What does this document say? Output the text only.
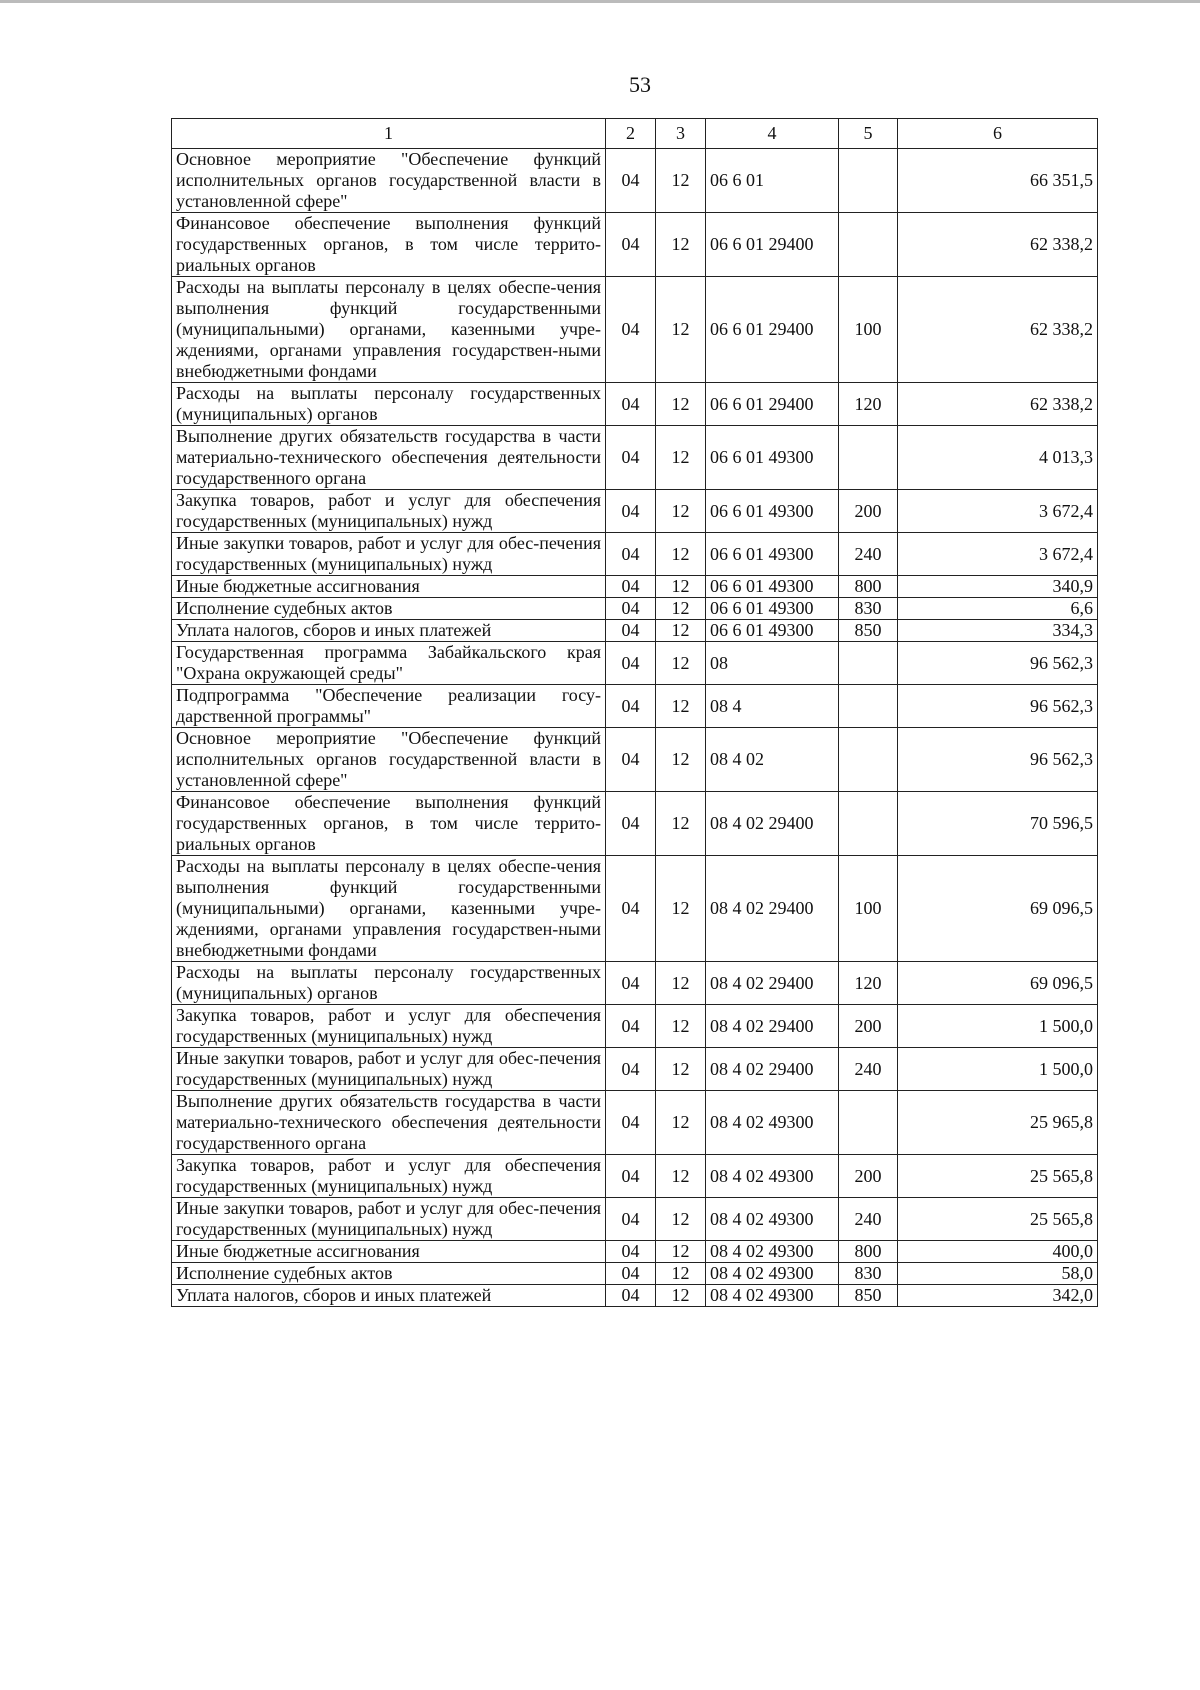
53
1	2	3	4	5	6
Основное мероприятие "Обеспечение функций исполнительных органов государственной власти в установленной сфере"	04	12	06 6 01		66 351,5
Финансовое обеспечение выполнения функций государственных органов, в том числе террито-риальных органов	04	12	06 6 01 29400		62 338,2
Расходы на выплаты персоналу в целях обеспе-чения выполнения функций государственными (муниципальными) органами, казенными учре-ждениями, органами управления государствен-ными внебюджетными фондами	04	12	06 6 01 29400	100	62 338,2
Расходы на выплаты персоналу государственных (муниципальных) органов	04	12	06 6 01 29400	120	62 338,2
Выполнение других обязательств государства в части материально-технического обеспечения деятельности государственного органа	04	12	06 6 01 49300		4 013,3
Закупка товаров, работ и услуг для обеспечения государственных (муниципальных) нужд	04	12	06 6 01 49300	200	3 672,4
Иные закупки товаров, работ и услуг для обес-печения государственных (муниципальных) нужд	04	12	06 6 01 49300	240	3 672,4
Иные бюджетные ассигнования	04	12	06 6 01 49300	800	340,9
Исполнение судебных актов	04	12	06 6 01 49300	830	6,6
Уплата налогов, сборов и иных платежей	04	12	06 6 01 49300	850	334,3
Государственная программа Забайкальского края "Охрана окружающей среды"	04	12	08		96 562,3
Подпрограмма "Обеспечение реализации госу-дарственной программы"	04	12	08 4		96 562,3
Основное мероприятие "Обеспечение функций исполнительных органов государственной власти в установленной сфере"	04	12	08 4 02		96 562,3
Финансовое обеспечение выполнения функций государственных органов, в том числе террито-риальных органов	04	12	08 4 02 29400		70 596,5
Расходы на выплаты персоналу в целях обеспе-чения выполнения функций государственными (муниципальными) органами, казенными учре-ждениями, органами управления государствен-ными внебюджетными фондами	04	12	08 4 02 29400	100	69 096,5
Расходы на выплаты персоналу государственных (муниципальных) органов	04	12	08 4 02 29400	120	69 096,5
Закупка товаров, работ и услуг для обеспечения государственных (муниципальных) нужд	04	12	08 4 02 29400	200	1 500,0
Иные закупки товаров, работ и услуг для обес-печения государственных (муниципальных) нужд	04	12	08 4 02 29400	240	1 500,0
Выполнение других обязательств государства в части материально-технического обеспечения деятельности государственного органа	04	12	08 4 02 49300		25 965,8
Закупка товаров, работ и услуг для обеспечения государственных (муниципальных) нужд	04	12	08 4 02 49300	200	25 565,8
Иные закупки товаров, работ и услуг для обес-печения государственных (муниципальных) нужд	04	12	08 4 02 49300	240	25 565,8
Иные бюджетные ассигнования	04	12	08 4 02 49300	800	400,0
Исполнение судебных актов	04	12	08 4 02 49300	830	58,0
Уплата налогов, сборов и иных платежей	04	12	08 4 02 49300	850	342,0
